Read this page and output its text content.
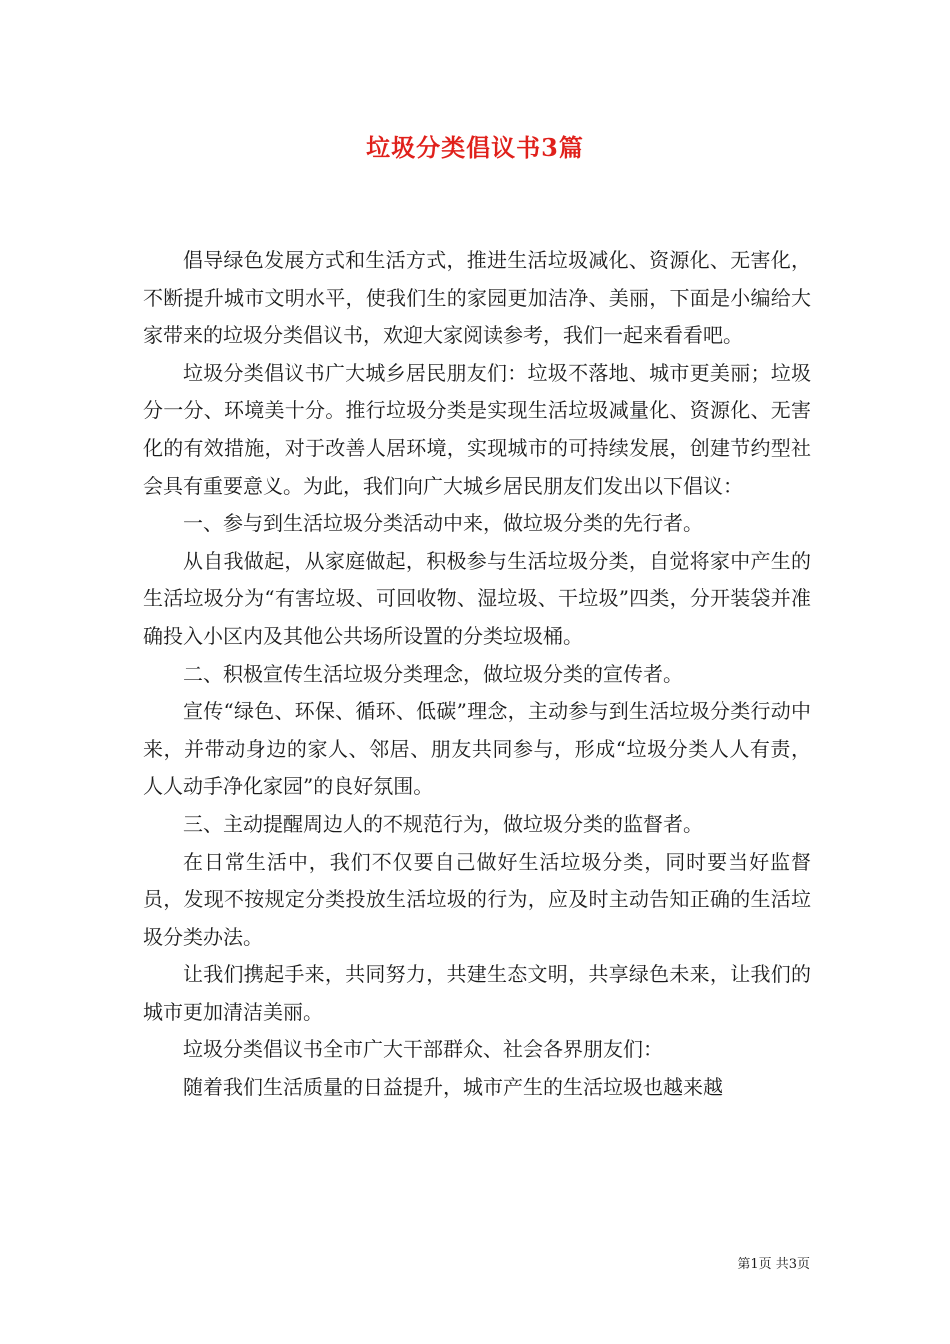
垃圾分类倡议书3篇

倡导绿色发展方式和生活方式，推进生活垃圾减化、资源化、无害化，不断提升城市文明水平，使我们生的家园更加洁净、美丽，下面是小编给大家带来的垃圾分类倡议书，欢迎大家阅读参考，我们一起来看看吧。

垃圾分类倡议书广大城乡居民朋友们：垃圾不落地、城市更美丽；垃圾分一分、环境美十分。推行垃圾分类是实现生活垃圾减量化、资源化、无害化的有效措施，对于改善人居环境，实现城市的可持续发展，创建节约型社会具有重要意义。为此，我们向广大城乡居民朋友们发出以下倡议：

一、参与到生活垃圾分类活动中来，做垃圾分类的先行者。

从自我做起，从家庭做起，积极参与生活垃圾分类，自觉将家中产生的生活垃圾分为“有害垃圾、可回收物、湿垃圾、干垃圾”四类，分开装袋并准确投入小区内及其他公共场所设置的分类垃圾桶。

二、积极宣传生活垃圾分类理念，做垃圾分类的宣传者。

宣传“绿色、环保、循环、低碳”理念，主动参与到生活垃圾分类行动中来，并带动身边的家人、邻居、朋友共同参与，形成“垃圾分类人人有责，人人动手净化家园”的良好氛围。

三、主动提醒周边人的不规范行为，做垃圾分类的监督者。

在日常生活中，我们不仅要自己做好生活垃圾分类，同时要当好监督员，发现不按规定分类投放生活垃圾的行为，应及时主动告知正确的生活垃圾分类办法。

让我们携起手来，共同努力，共建生态文明，共享绿色未来，让我们的城市更加清洁美丽。

垃圾分类倡议书全市广大干部群众、社会各界朋友们：

随着我们生活质量的日益提升，城市产生的生活垃圾也越来越

第1页 共3页
